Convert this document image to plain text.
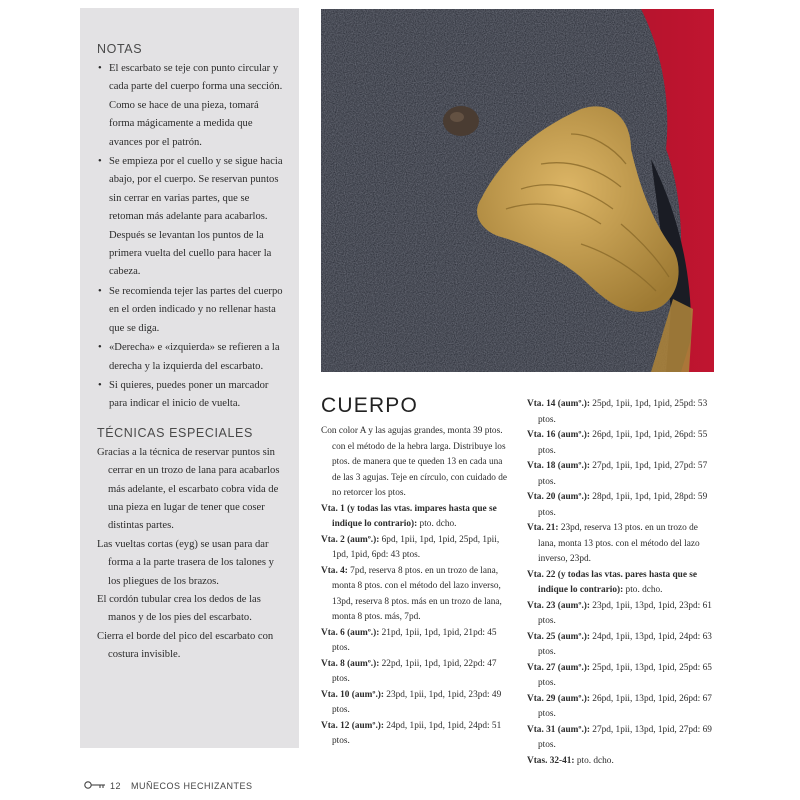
NOTAS
• El escarbato se teje con punto circular y cada parte del cuerpo forma una sección. Como se hace de una pieza, tomará forma mágicamente a medida que avances por el patrón.
• Se empieza por el cuello y se sigue hacia abajo, por el cuerpo. Se reservan puntos sin cerrar en varias partes, que se retoman más adelante para acabarlos. Después se levantan los puntos de la primera vuelta del cuello para hacer la cabeza.
• Se recomienda tejer las partes del cuerpo en el orden indicado y no rellenar hasta que se diga.
• «Derecha» e «izquierda» se refieren a la derecha y la izquierda del escarbato.
• Si quieres, puedes poner un marcador para indicar el inicio de vuelta.
TÉCNICAS ESPECIALES
Gracias a la técnica de reservar puntos sin cerrar en un trozo de lana para acabarlos más adelante, el escarbato cobra vida de una pieza en lugar de tener que coser distintas partes.
Las vueltas cortas (eyg) se usan para dar forma a la parte trasera de los talones y los pliegues de los brazos.
El cordón tubular crea los dedos de las manos y de los pies del escarbato.
Cierra el borde del pico del escarbato con costura invisible.
CUERPO

Con color A y las agujas grandes, monta 39 ptos. con el método de la hebra larga. Distribuye los ptos. de manera que te queden 13 en cada una de las 3 agujas. Teje en círculo, con cuidado de no retorcer los ptos.

Vta. 1 (y todas las vtas. impares hasta que se indique lo contrario): pto. dcho.

Vta. 2 (aumº.): 6pd, 1pii, 1pd, 1pid, 25pd, 1pii, 1pd, 1pid, 6pd: 43 ptos.

Vta. 4: 7pd, reserva 8 ptos. en un trozo de lana, monta 8 ptos. con el método del lazo inverso, 13pd, reserva 8 ptos. más en un trozo de lana, monta 8 ptos. más, 7pd.

Vta. 6 (aumº.): 21pd, 1pii, 1pd, 1pid, 21pd: 45 ptos.

Vta. 8 (aumº.): 22pd, 1pii, 1pd, 1pid, 22pd: 47 ptos.

Vta. 10 (aumº.): 23pd, 1pii, 1pd, 1pid, 23pd: 49 ptos.

Vta. 12 (aumº.): 24pd, 1pii, 1pd, 1pid, 24pd: 51 ptos.

Vta. 14 (aumº.): 25pd, 1pii, 1pd, 1pid, 25pd: 53 ptos.

Vta. 16 (aumº.): 26pd, 1pii, 1pd, 1pid, 26pd: 55 ptos.

Vta. 18 (aumº.): 27pd, 1pii, 1pd, 1pid, 27pd: 57 ptos.

Vta. 20 (aumº.): 28pd, 1pii, 1pd, 1pid, 28pd: 59 ptos.

Vta. 21: 23pd, reserva 13 ptos. en un trozo de lana, monta 13 ptos. con el método del lazo inverso, 23pd.

Vta. 22 (y todas las vtas. pares hasta que se indique lo contrario): pto. dcho.

Vta. 23 (aumº.): 23pd, 1pii, 13pd, 1pid, 23pd: 61 ptos.

Vta. 25 (aumº.): 24pd, 1pii, 13pd, 1pid, 24pd: 63 ptos.

Vta. 27 (aumº.): 25pd, 1pii, 13pd, 1pid, 25pd: 65 ptos.

Vta. 29 (aumº.): 26pd, 1pii, 13pd, 1pid, 26pd: 67 ptos.

Vta. 31 (aumº.): 27pd, 1pii, 13pd, 1pid, 27pd: 69 ptos.

Vtas. 32-41: pto. dcho.

12 MUÑECOS HECHIZANTES
